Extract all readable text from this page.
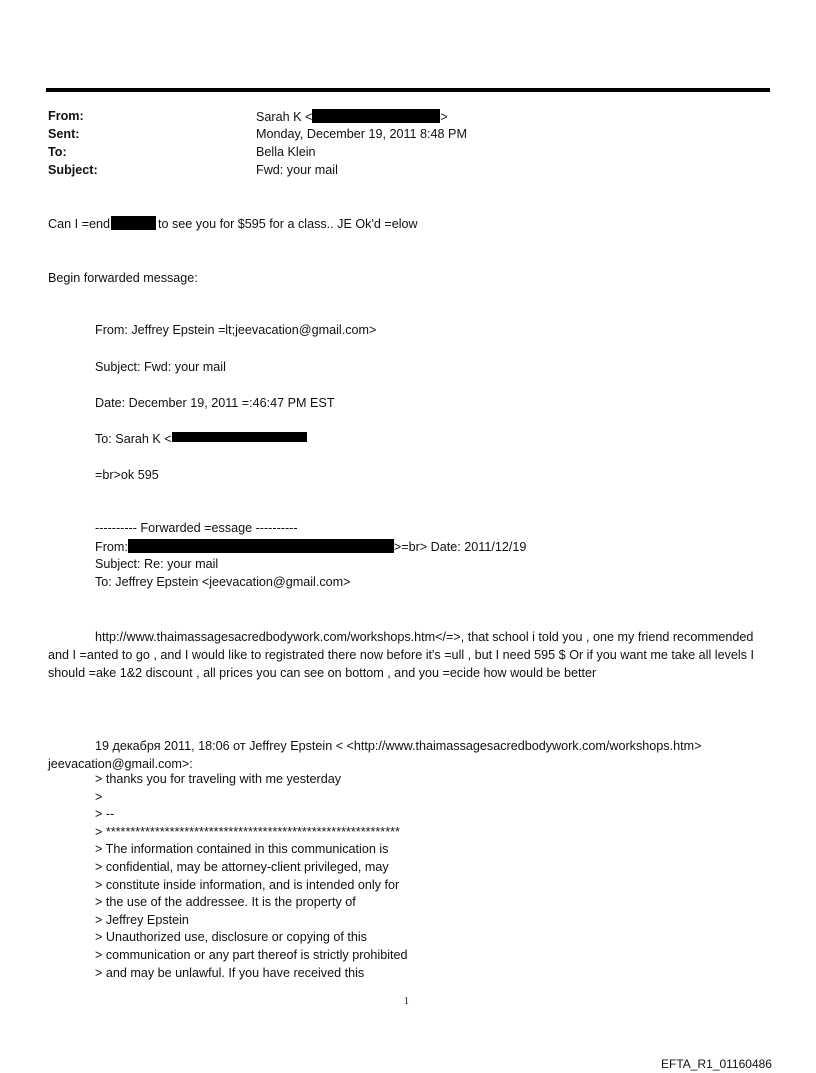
From:	Sarah K <	>
Sent:	Monday, December 19, 2011 8:48 PM
To:	Bella Klein
Subject:	Fwd: your mail
Can I =end	to see you for $595 for a class.. JE Ok'd =elow
Begin forwarded message:
From: Jeffrey Epstein =lt;jeevacation@gmail.com>
Subject: Fwd: your mail
Date: December 19, 2011 =:46:47 PM EST
To: Sarah K <
=br>ok 595
---------- Forwarded =essage ----------
From:	>=br> Date: 2011/12/19
Subject: Re: your mail
To: Jeffrey Epstein <jeevacation@gmail.com>
http://www.thaimassagesacredbodywork.com/workshops.htm</=>, that school i told you , one my friend recommended and I =anted to go , and I would like to registrated there now before it's =ull , but I need 595 $ Or if you want me take all levels I should =ake 1&2 discount , all prices you can see on bottom , and you =ecide how would be better
19 декабря 2011, 18:06 от Jeffrey Epstein < <http://www.thaimassagesacredbodywork.com/workshops.htm> jeevacation@gmail.com>:
> thanks you for traveling with me yesterday
>
> --
> ************************************************************
> The information contained in this communication is
> confidential, may be attorney-client privileged, may
> constitute inside information, and is intended only for
> the use of the addressee. It is the property of
> Jeffrey Epstein
> Unauthorized use, disclosure or copying of this
> communication or any part thereof is strictly prohibited
> and may be unlawful. If you have received this
1
EFTA_R1_01160486
